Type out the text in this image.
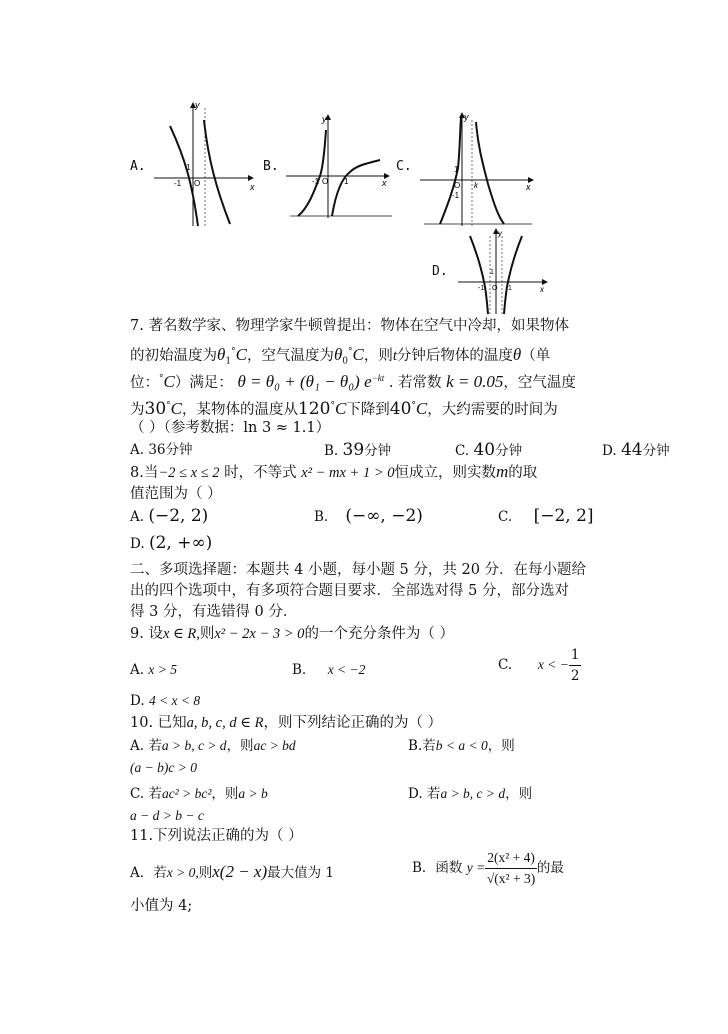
A.	B.	C.
D.
y
x
1
-1 O
y
x
-1 O 1
y
x
1
O
-1
k
y
x
1
-1 O 1
7. 著名数学家、物理学家牛顿曾提出：物体在空气中冷却，如果物体
的初始温度为$\theta_1^\circ C$，空气温度为$\theta_0^\circ C$，则t分钟后物体的温度θ（单
位：°C）满足： θ = θ₀ + (θ₁ − θ₀) $e^{-kt}$ . 若常数 k = 0.05，空气温度
为30°C，某物体的温度从120°C下降到40°C，大约需要的时间为
（ ）（参考数据：ln 3 ≈ 1.1）
A. 36分钟	B. 39分钟	C. 40分钟	D. 44分钟
8.当−2 ≤ x ≤ 2 时，不等式 x² − mx + 1 > 0恒成立，则实数m的取
值范围为（ ）
A. (−2, 2)	B. (−∞, −2)	C. [−2, 2]
D. (2, +∞)
二、多项选择题：本题共 4 小题，每小题 5 分，共 20 分．在每小题给
出的四个选项中，有多项符合题目要求．全部选对得 5 分，部分选对
得 3 分，有选错得 0 分．
9. 设x ∈ R,则x² − 2x − 3 > 0的一个充分条件为（ ）
A. x > 5	B. x < −2	C. x < − $\frac{1}{2}$
D. 4 < x < 8
10. 已知a, b, c, d ∈ R，则下列结论正确的为（ ）
A. 若a > b, c > d，则ac > bd	B.若b < a < 0，则
(a − b)c > 0
C. 若ac² > bc²，则a > b	D. 若a > b, c > d，则
a − d > b − c
11.下列说法正确的为（ ）
A．若x > 0,则x(2 − x)最大值为 1	B．函数 $y = \frac{\text{2(x² + 4)}}{\text{√(x² + 3)}}$ 的最
小值为 4;
